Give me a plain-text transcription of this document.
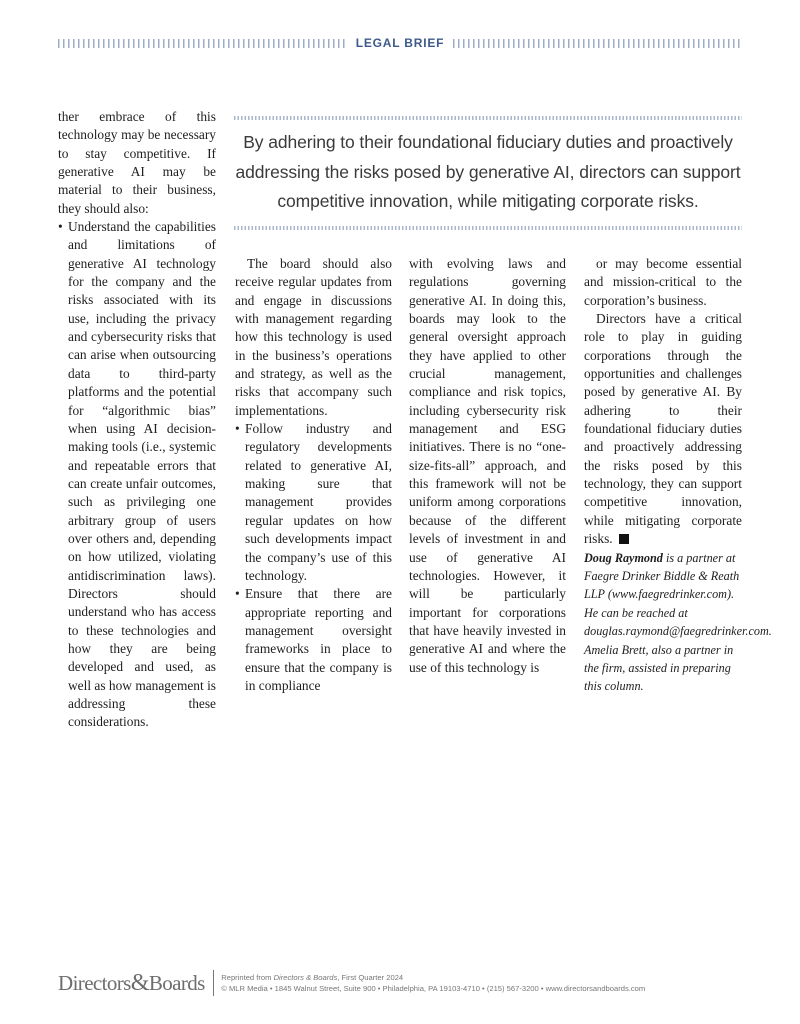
LEGAL BRIEF
By adhering to their foundational fiduciary duties and proactively addressing the risks posed by generative AI, directors can support competitive innovation, while mitigating corporate risks.

ther embrace of this technology may be necessary to stay competitive. If generative AI may be material to their business, they should also:

• Understand the capabilities and limitations of generative AI technology for the company and the risks associated with its use, including the privacy and cybersecurity risks that can arise when outsourcing data to third-party platforms and the potential for “algorithmic bias” when using AI decision-making tools (i.e., systemic and repeatable errors that can create unfair outcomes, such as privileging one arbitrary group of users over others and, depending on how utilized, violating antidiscrimination laws). Directors should understand who has access to these technologies and how they are being developed and used, as well as how management is addressing these considerations.

The board should also receive regular updates from and engage in discussions with management regarding how this technology is used in the business’s operations and strategy, as well as the risks that accompany such implementations.

• Follow industry and regulatory developments related to generative AI, making sure that management provides regular updates on how such developments impact the company’s use of this technology.
• Ensure that there are appropriate reporting and management oversight frameworks in place to ensure that the company is in compliance

with evolving laws and regulations governing generative AI. In doing this, boards may look to the general oversight approach they have applied to other crucial management, compliance and risk topics, including cybersecurity risk management and ESG initiatives. There is no “one-size-fits-all” approach, and this framework will not be uniform among corporations because of the different levels of investment in and use of generative AI technologies. However, it will be particularly important for corporations that have heavily invested in generative AI and where the use of this technology is

or may become essential and mission-critical to the corporation’s business.

Directors have a critical role to play in guiding corporations through the opportunities and challenges posed by generative AI. By adhering to their foundational fiduciary duties and proactively addressing the risks posed by this technology, they can support competitive innovation, while mitigating corporate risks.

Doug Raymond is a partner at Faegre Drinker Biddle & Reath LLP (www.faegredrinker.com). He can be reached at douglas.raymond@faegredrinker.com. Amelia Brett, also a partner in the firm, assisted in preparing this column.

Directors&Boards Reprinted from Directors & Boards, First Quarter 2024
© MLR Media • 1845 Walnut Street, Suite 900 • Philadelphia, PA 19103-4710 • (215) 567-3200 • www.directorsandboards.com
